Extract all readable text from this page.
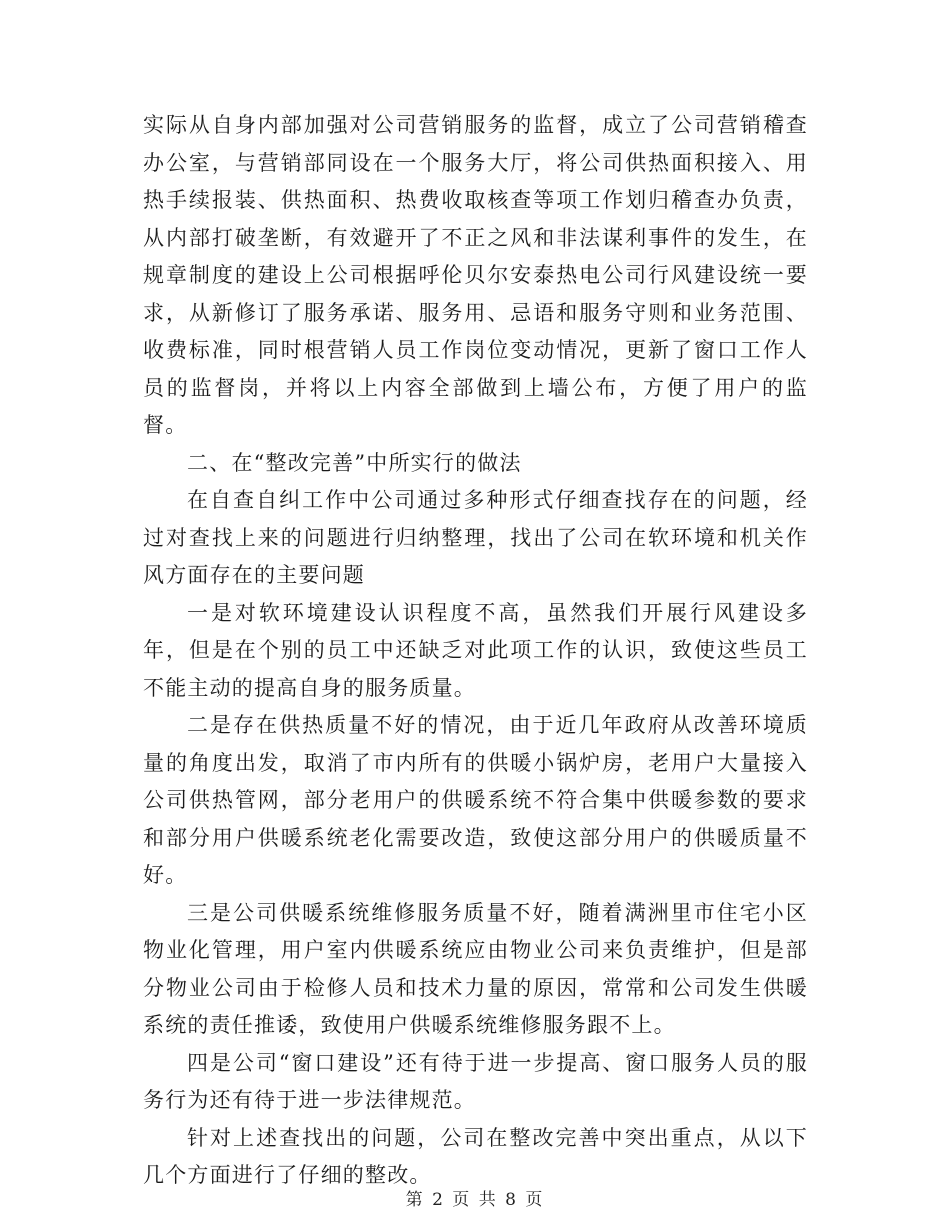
实际从自身内部加强对公司营销服务的监督，成立了公司营销稽查办公室，与营销部同设在一个服务大厅，将公司供热面积接入、用热手续报装、供热面积、热费收取核查等项工作划归稽查办负责，从内部打破垄断，有效避开了不正之风和非法谋利事件的发生，在规章制度的建设上公司根据呼伦贝尔安泰热电公司行风建设统一要求，从新修订了服务承诺、服务用、忌语和服务守则和业务范围、收费标准，同时根营销人员工作岗位变动情况，更新了窗口工作人员的监督岗，并将以上内容全部做到上墙公布，方便了用户的监督。

二、在“整改完善”中所实行的做法

在自查自纠工作中公司通过多种形式仔细查找存在的问题，经过对查找上来的问题进行归纳整理，找出了公司在软环境和机关作风方面存在的主要问题

一是对软环境建设认识程度不高，虽然我们开展行风建设多年，但是在个别的员工中还缺乏对此项工作的认识，致使这些员工不能主动的提高自身的服务质量。

二是存在供热质量不好的情况，由于近几年政府从改善环境质量的角度出发，取消了市内所有的供暖小锅炉房，老用户大量接入公司供热管网，部分老用户的供暖系统不符合集中供暖参数的要求和部分用户供暖系统老化需要改造，致使这部分用户的供暖质量不好。

三是公司供暖系统维修服务质量不好，随着满洲里市住宅小区物业化管理，用户室内供暖系统应由物业公司来负责维护，但是部分物业公司由于检修人员和技术力量的原因，常常和公司发生供暖系统的责任推诿，致使用户供暖系统维修服务跟不上。

四是公司“窗口建设”还有待于进一步提高、窗口服务人员的服务行为还有待于进一步法律规范。

针对上述查找出的问题，公司在整改完善中突出重点，从以下几个方面进行了仔细的整改。

第 2 页 共 8 页
